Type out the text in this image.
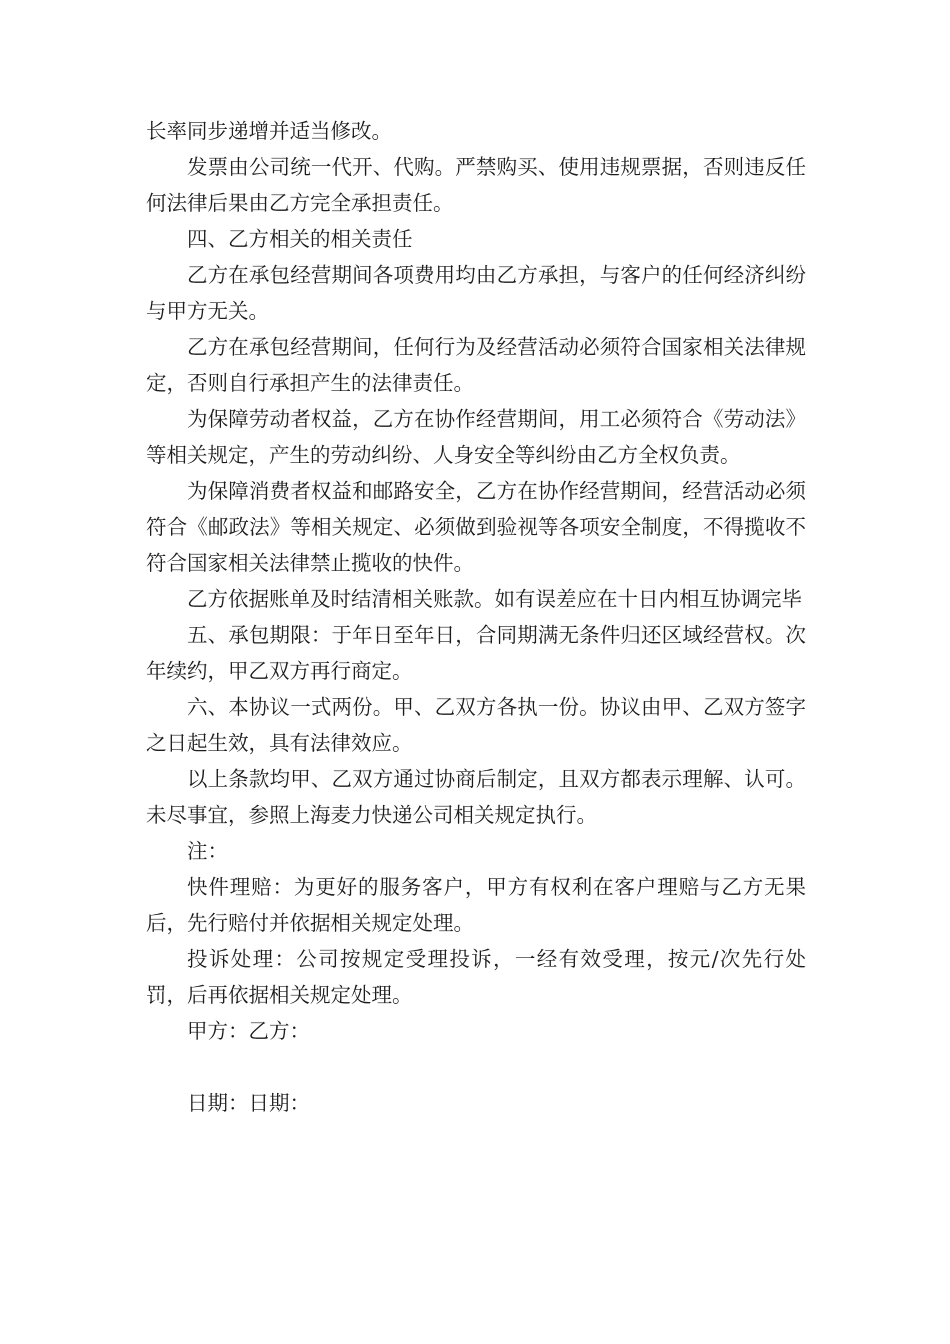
长率同步递增并适当修改。

发票由公司统一代开、代购。严禁购买、使用违规票据，否则违反任何法律后果由乙方完全承担责任。

四、乙方相关的相关责任

乙方在承包经营期间各项费用均由乙方承担，与客户的任何经济纠纷与甲方无关。

乙方在承包经营期间，任何行为及经营活动必须符合国家相关法律规定，否则自行承担产生的法律责任。

为保障劳动者权益，乙方在协作经营期间，用工必须符合《劳动法》等相关规定，产生的劳动纠纷、人身安全等纠纷由乙方全权负责。

为保障消费者权益和邮路安全，乙方在协作经营期间，经营活动必须符合《邮政法》等相关规定、必须做到验视等各项安全制度，不得揽收不符合国家相关法律禁止揽收的快件。

乙方依据账单及时结清相关账款。如有误差应在十日内相互协调完毕

五、承包期限：于年日至年日，合同期满无条件归还区域经营权。次年续约，甲乙双方再行商定。

六、本协议一式两份。甲、乙双方各执一份。协议由甲、乙双方签字之日起生效，具有法律效应。

以上条款均甲、乙双方通过协商后制定，且双方都表示理解、认可。未尽事宜，参照上海麦力快递公司相关规定执行。

注：

快件理赔：为更好的服务客户，甲方有权利在客户理赔与乙方无果后，先行赔付并依据相关规定处理。

投诉处理：公司按规定受理投诉，一经有效受理，按元/次先行处罚，后再依据相关规定处理。

甲方：乙方：

日期：日期：
